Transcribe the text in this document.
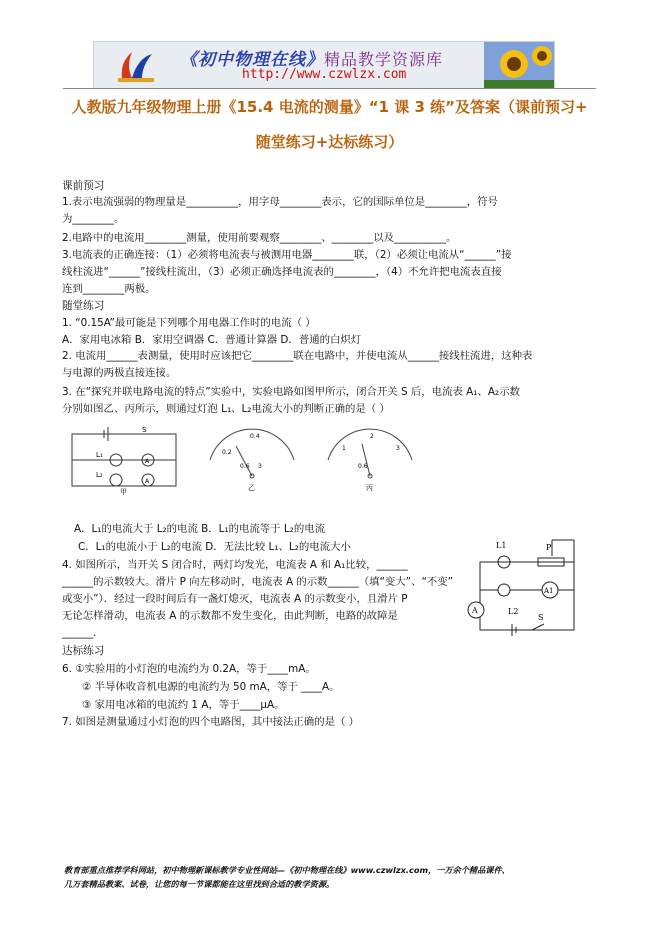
《初中物理在线》精品教学资源库
http://www.czwlzx.com
人教版九年级物理上册《15.4 电流的测量》“1 课 3 练”及答案（课前预习+
随堂练习+达标练习）
课前预习
1.表示电流强弱的物理量是__________，用字母________表示，它的国际单位是________，符号
为________。
2.电路中的电流用________测量，使用前要观察________、________以及__________。
3.电流表的正确连接：（1）必须将电流表与被测用电器________联，（2）必须让电流从“______”接
线柱流进“______”接线柱流出，（3）必须正确选择电流表的________，（4）不允许把电流表直接
连到________两极。
随堂练习
1. “0.15A”最可能是下列哪个用电器工作时的电流（ ）
A．家用电冰箱 B．家用空调器 C．普通计算器 D．普通的白炽灯
2. 电流用______表测量，使用时应该把它________联在电路中，并使电流从______接线柱流进，这种表
与电源的两极直接连接。
3. 在“探究并联电路电流的特点”实验中，实验电路如图甲所示，闭合开关 S 后，电流表 A₁、A₂示数
分别如图乙、丙所示，则通过灯泡 L₁、L₂电流大小的判断正确的是（ ）
S
L₁
L₂
A
A
甲
0.2
0.4
0.6 3
乙
1
2
3
0.6
丙
A．L₁的电流大于 L₂的电流 B．L₁的电流等于 L₂的电流
C．L₁的电流小于 L₂的电流 D．无法比较 L₁、L₂的电流大小
4. 如图所示，当开关 S 闭合时，两灯均发光，电流表 A 和 A₁比较，______
______的示数较大。滑片 P 向左移动时，电流表 A 的示数______（填“变大”、“不变”
或变小”）．经过一段时间后有一盏灯熄灭，电流表 A 的示数变小，且滑片 P
无论怎样滑动，电流表 A 的示数都不发生变化，由此判断，电路的故障是
______.
L1	P
A1
A	L2
S
达标练习
6. ①实验用的小灯泡的电流约为 0.2A，等于____mA。
② 半导体收音机电源的电流约为 50 mA，等于 ____A。
③ 家用电冰箱的电流约 1 A，等于____μA。
7. 如图是测量通过小灯泡的四个电路图，其中接法正确的是（ ）
教育部重点推荐学科网站，初中物理新课标教学专业性网站—《初中物理在线》www.czwlzx.com，一万余个精品课件、
几万套精品教案、试卷，让您的每一节课都能在这里找到合适的教学资源。
